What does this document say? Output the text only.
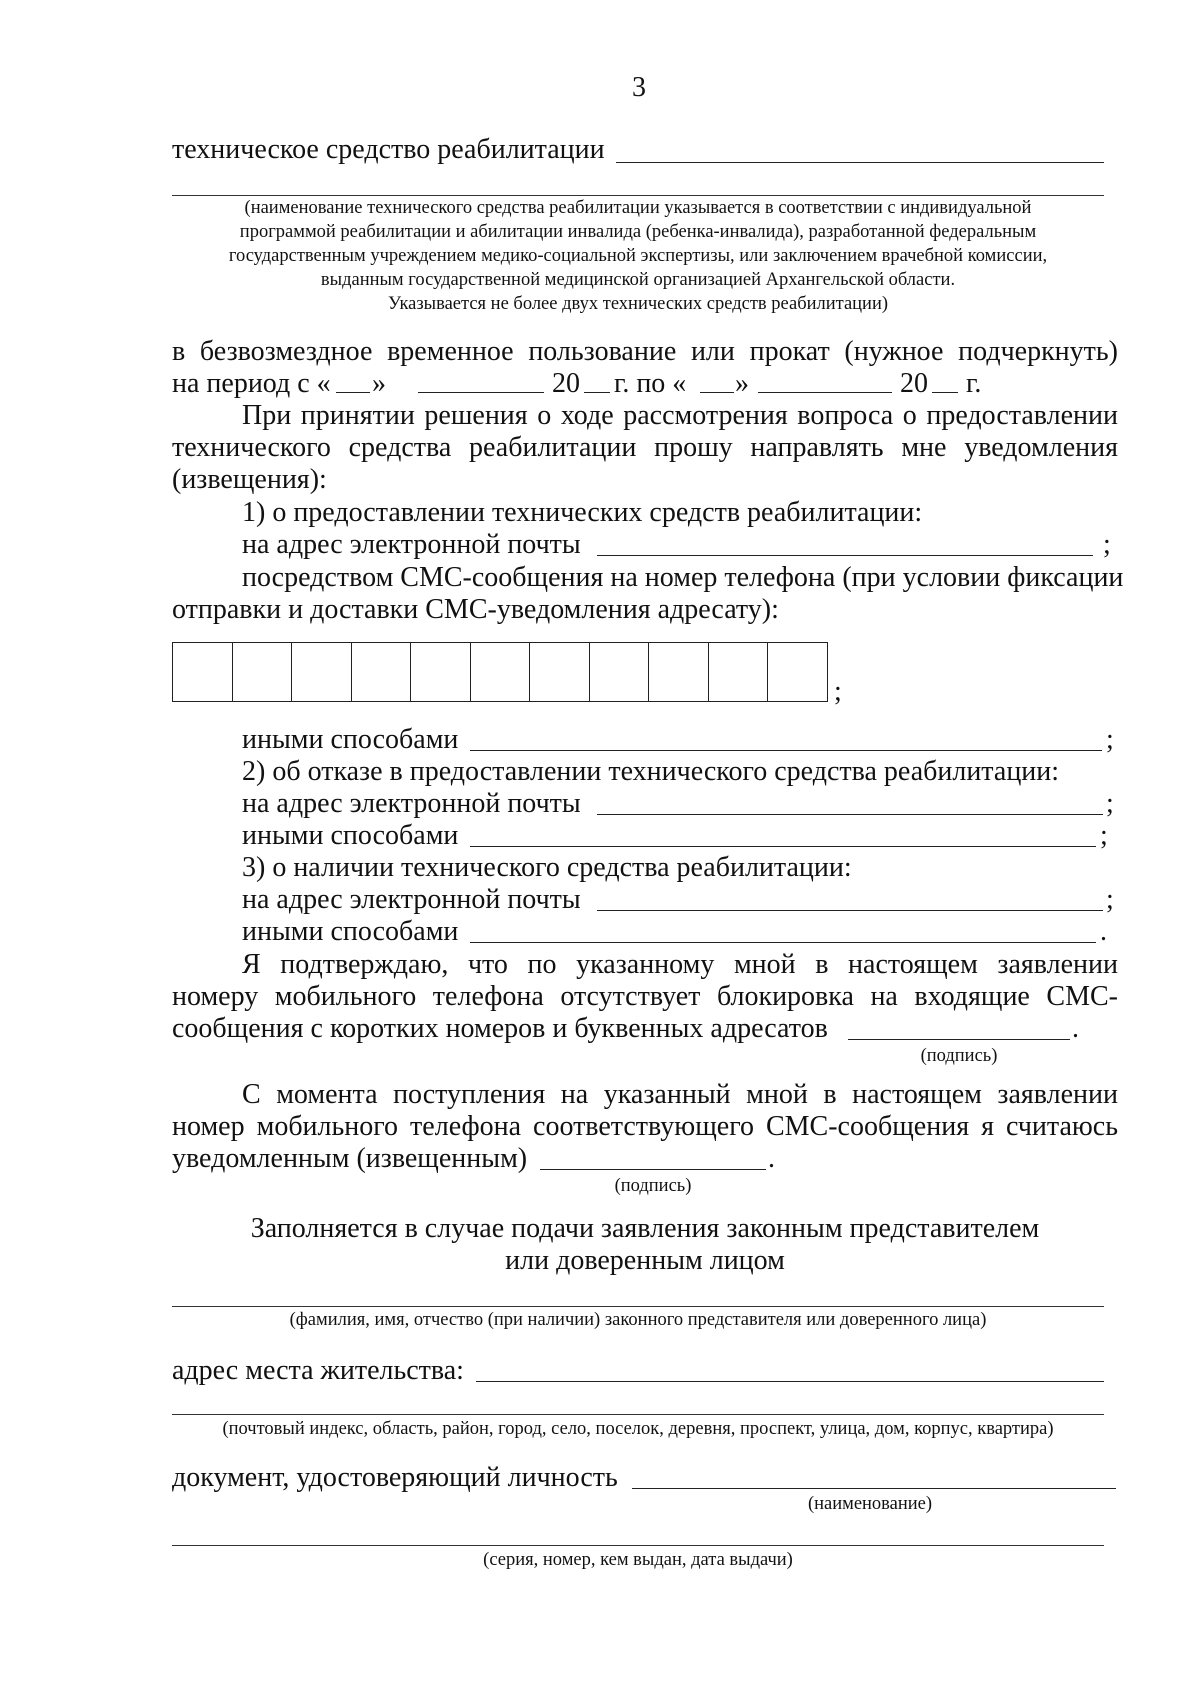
3
техническое средство реабилитации
(наименование технического средства реабилитации указывается в соответствии с индивидуальной
программой реабилитации и абилитации инвалида (ребенка-инвалида), разработанной федеральным
государственным учреждением медико-социальной экспертизы, или заключением врачебной комиссии,
выданным государственной медицинской организацией Архангельской области.
Указывается не более двух технических средств реабилитации)
в безвозмездное временное пользование или прокат (нужное подчеркнуть)
на период с « »	20 г. по « »	20 г.
При принятии решения о ходе рассмотрения вопроса о предоставлении
технического средства реабилитации прошу направлять мне уведомления
(извещения):
1) о предоставлении технических средств реабилитации:
на адрес электронной почты	;
посредством СМС-сообщения на номер телефона (при условии фиксации
отправки и доставки СМС-уведомления адресату):
;
иными способами	;
2) об отказе в предоставлении технического средства реабилитации:
на адрес электронной почты	;
иными способами	;
3) о наличии технического средства реабилитации:
на адрес электронной почты	;
иными способами	.
Я подтверждаю, что по указанному мной в настоящем заявлении
номеру мобильного телефона отсутствует блокировка на входящие СМС-
сообщения с коротких номеров и буквенных адресатов	.
(подпись)
С момента поступления на указанный мной в настоящем заявлении
номер мобильного телефона соответствующего СМС-сообщения я считаюсь
уведомленным (извещенным)	.
(подпись)
Заполняется в случае подачи заявления законным представителем
или доверенным лицом
(фамилия, имя, отчество (при наличии) законного представителя или доверенного лица)
адрес места жительства:
(почтовый индекс, область, район, город, село, поселок, деревня, проспект, улица, дом, корпус, квартира)
документ, удостоверяющий личность
(наименование)
(серия, номер, кем выдан, дата выдачи)
